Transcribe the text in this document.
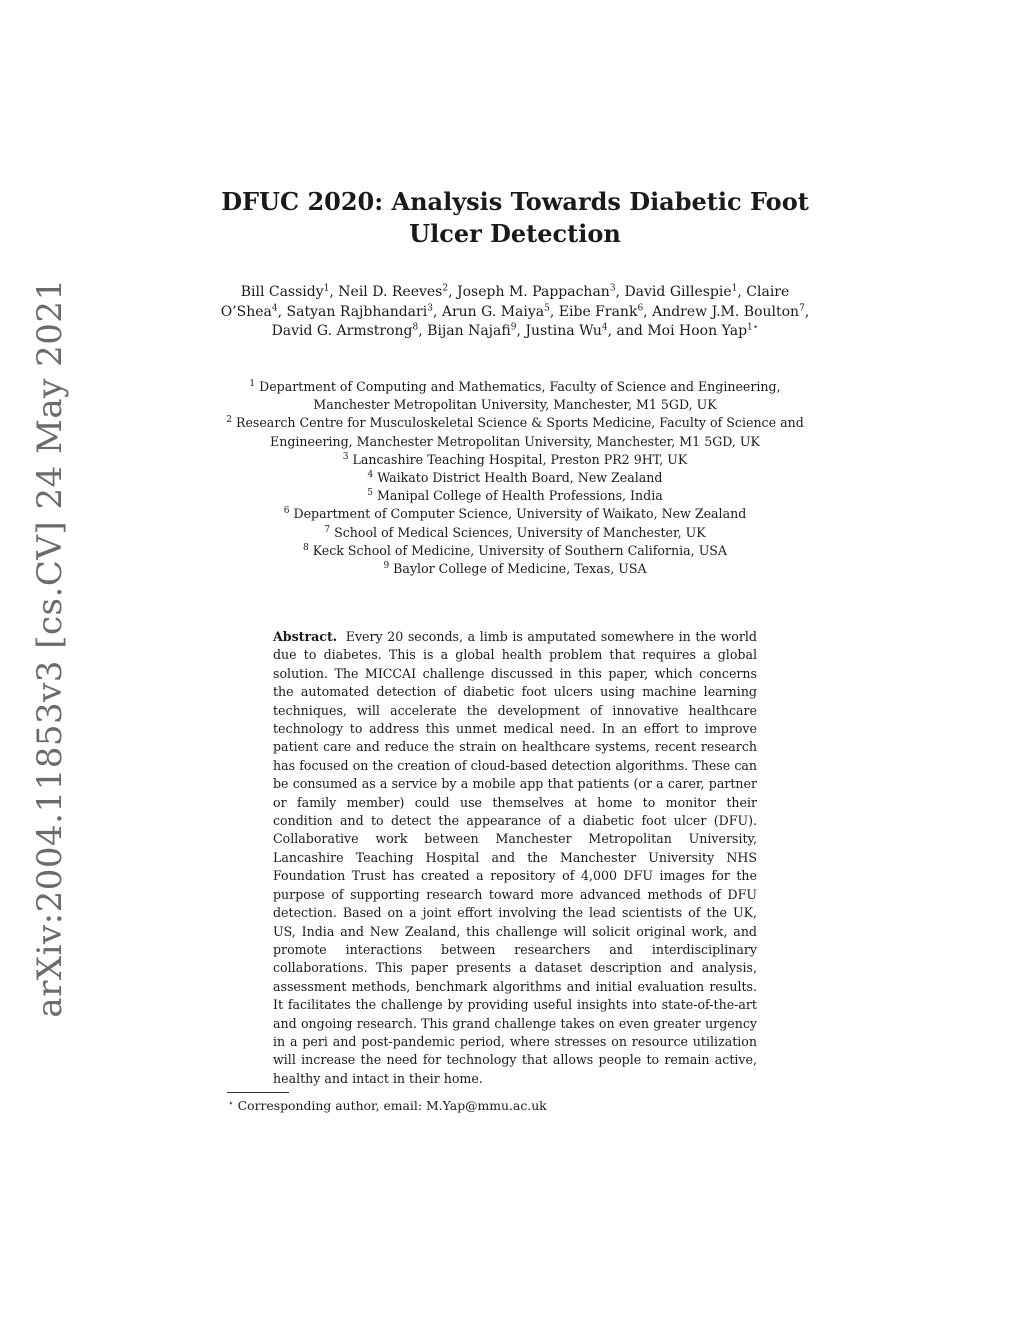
arXiv:2004.11853v3 [cs.CV] 24 May 2021
DFUC 2020: Analysis Towards Diabetic Foot
Ulcer Detection
Bill Cassidy$^1$, Neil D. Reeves$^2$, Joseph M. Pappachan$^3$, David Gillespie$^1$, Claire O’Shea$^4$, Satyan Rajbhandari$^3$, Arun G. Maiya$^5$, Eibe Frank$^6$, Andrew J.M. Boulton$^7$, David G. Armstrong$^8$, Bijan Najafi$^9$, Justina Wu$^4$, and Moi Hoon Yap$^{1⋆}$
$^1$ Department of Computing and Mathematics, Faculty of Science and Engineering, Manchester Metropolitan University, Manchester, M1 5GD, UK
$^2$ Research Centre for Musculoskeletal Science & Sports Medicine, Faculty of Science and Engineering, Manchester Metropolitan University, Manchester, M1 5GD, UK
$^3$ Lancashire Teaching Hospital, Preston PR2 9HT, UK
$^4$ Waikato District Health Board, New Zealand
$^5$ Manipal College of Health Professions, India
$^6$ Department of Computer Science, University of Waikato, New Zealand
$^7$ School of Medical Sciences, University of Manchester, UK
$^8$ Keck School of Medicine, University of Southern California, USA
$^9$ Baylor College of Medicine, Texas, USA
Abstract. Every 20 seconds, a limb is amputated somewhere in the world due to diabetes. This is a global health problem that requires a global solution. The MICCAI challenge discussed in this paper, which concerns the automated detection of diabetic foot ulcers using machine learning techniques, will accelerate the development of innovative healthcare technology to address this unmet medical need. In an effort to improve patient care and reduce the strain on healthcare systems, recent research has focused on the creation of cloud-based detection algorithms. These can be consumed as a service by a mobile app that patients (or a carer, partner or family member) could use themselves at home to monitor their condition and to detect the appearance of a diabetic foot ulcer (DFU). Collaborative work between Manchester Metropolitan University, Lancashire Teaching Hospital and the Manchester University NHS Foundation Trust has created a repository of 4,000 DFU images for the purpose of supporting research toward more advanced methods of DFU detection. Based on a joint effort involving the lead scientists of the UK, US, India and New Zealand, this challenge will solicit original work, and promote interactions between researchers and interdisciplinary collaborations. This paper presents a dataset description and analysis, assessment methods, benchmark algorithms and initial evaluation results. It facilitates the challenge by providing useful insights into state-of-the-art and ongoing research. This grand challenge takes on even greater urgency in a peri and post-pandemic period, where stresses on resource utilization will increase the need for technology that allows people to remain active, healthy and intact in their home.
⋆ Corresponding author, email: M.Yap@mmu.ac.uk
